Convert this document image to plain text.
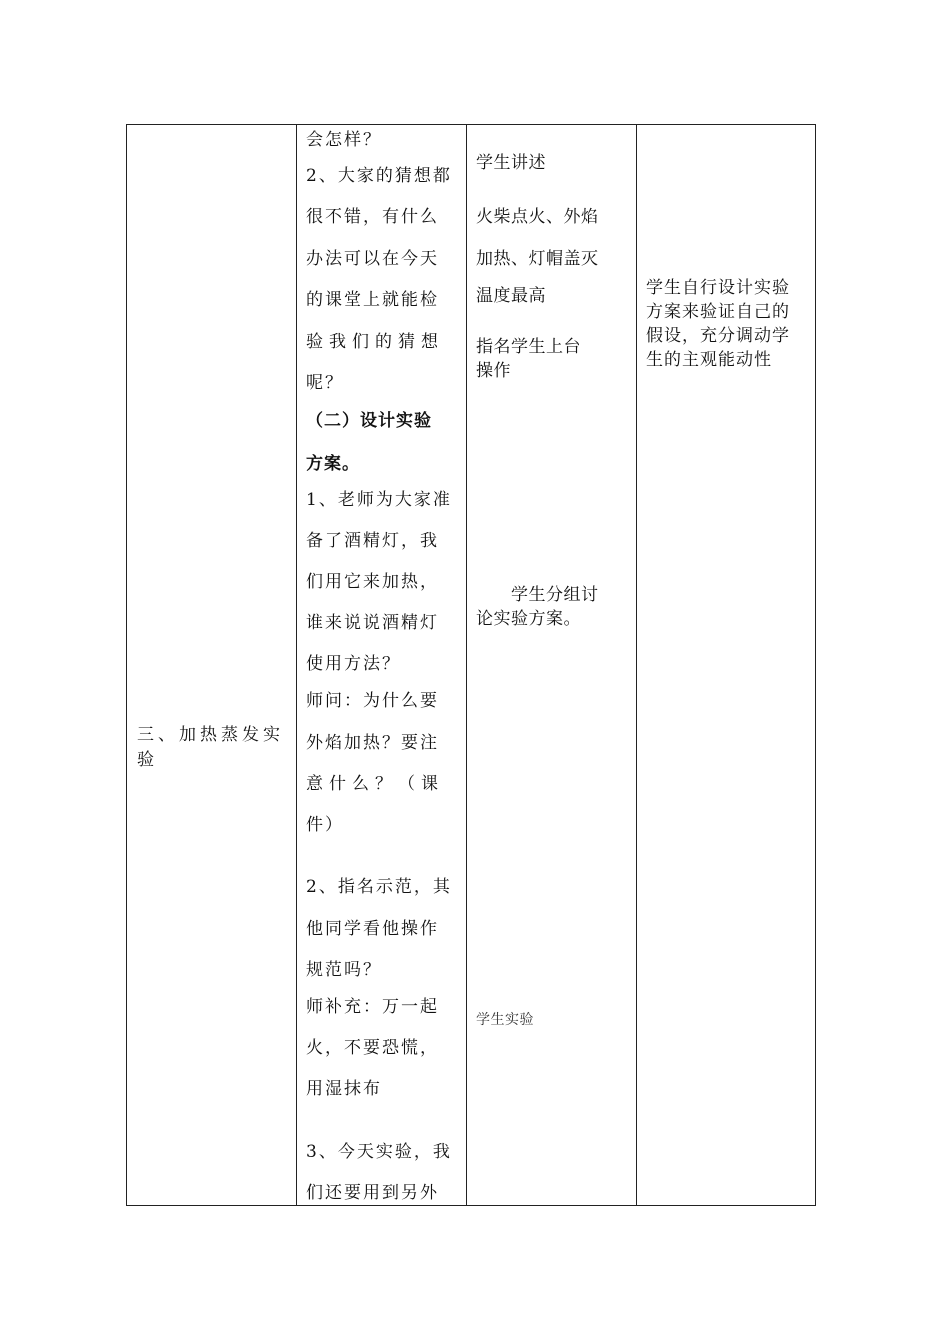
三、加热蒸发实
验
会怎样？
2、大家的猜想都
很不错，有什么
办法可以在今天
的课堂上就能检
验我们的猜想
呢？
（二）设计实验
方案。
1、老师为大家准
备了酒精灯，我
们用它来加热，
谁来说说酒精灯
使用方法？
师问：为什么要
外焰加热？要注
意什么？（课
件）
2、指名示范，其
他同学看他操作
规范吗？
师补充：万一起
火，不要恐慌，
用湿抹布
3、今天实验，我
们还要用到另外
学生讲述
火柴点火、外焰
加热、灯帽盖灭
温度最高
指名学生上台
操作
学生分组讨
论实验方案。
学生实验
学生自行设计实验
方案来验证自己的
假设，充分调动学
生的主观能动性
